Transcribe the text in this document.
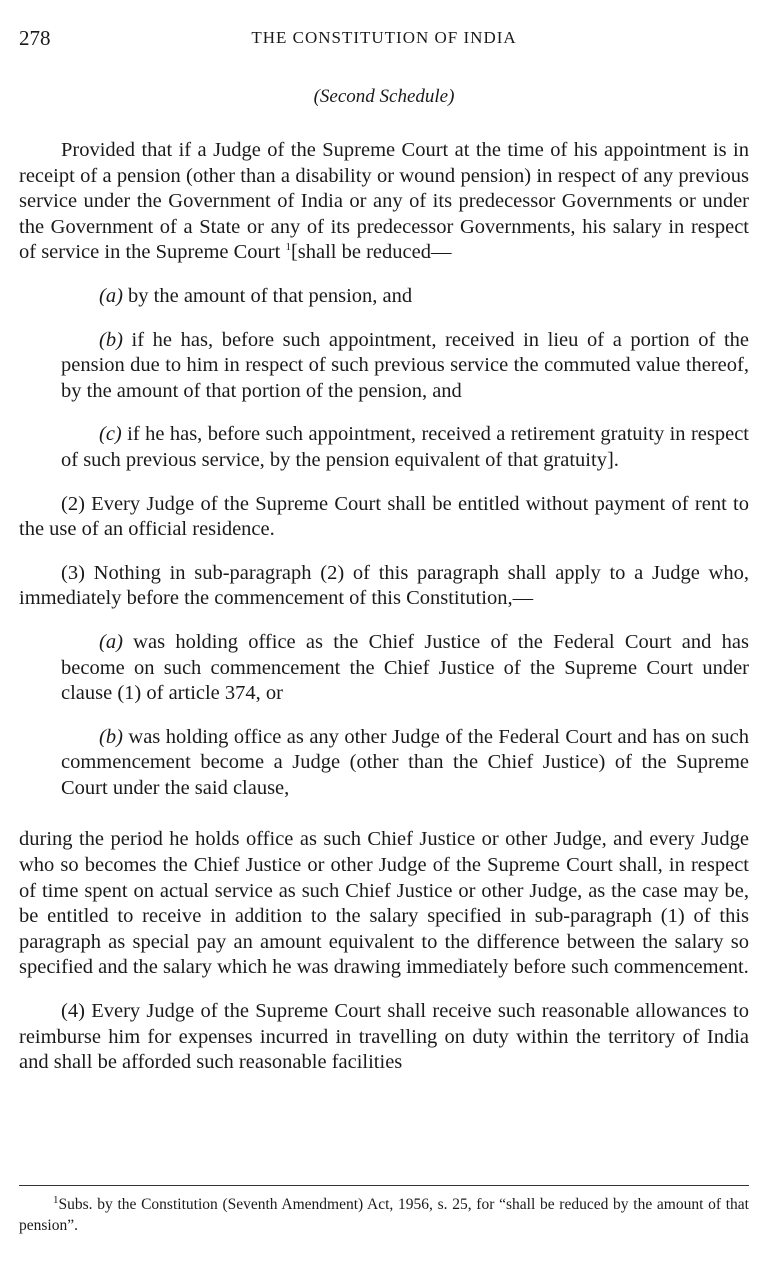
278	THE CONSTITUTION OF INDIA
(Second Schedule)

Provided that if a Judge of the Supreme Court at the time of his appointment is in receipt of a pension (other than a disability or wound pension) in respect of any previous service under the Government of India or any of its predecessor Governments or under the Government of a State or any of its predecessor Governments, his salary in respect of service in the Supreme Court $^1$[shall be reduced—

(a) by the amount of that pension, and

(b) if he has, before such appointment, received in lieu of a portion of the pension due to him in respect of such previous service the commuted value thereof, by the amount of that portion of the pension, and

(c) if he has, before such appointment, received a retirement gratuity in respect of such previous service, by the pension equivalent of that gratuity].

(2) Every Judge of the Supreme Court shall be entitled without payment of rent to the use of an official residence.

(3) Nothing in sub-paragraph (2) of this paragraph shall apply to a Judge who, immediately before the commencement of this Constitution,—

(a) was holding office as the Chief Justice of the Federal Court and has become on such commencement the Chief Justice of the Supreme Court under clause (1) of article 374, or

(b) was holding office as any other Judge of the Federal Court and has on such commencement become a Judge (other than the Chief Justice) of the Supreme Court under the said clause,

during the period he holds office as such Chief Justice or other Judge, and every Judge who so becomes the Chief Justice or other Judge of the Supreme Court shall, in respect of time spent on actual service as such Chief Justice or other Judge, as the case may be, be entitled to receive in addition to the salary specified in sub-paragraph (1) of this paragraph as special pay an amount equivalent to the difference between the salary so specified and the salary which he was drawing immediately before such commencement.

(4) Every Judge of the Supreme Court shall receive such reasonable allowances to reimburse him for expenses incurred in travelling on duty within the territory of India and shall be afforded such reasonable facilities

$^1$Subs. by the Constitution (Seventh Amendment) Act, 1956, s. 25, for “shall be reduced by the amount of that pension”.
